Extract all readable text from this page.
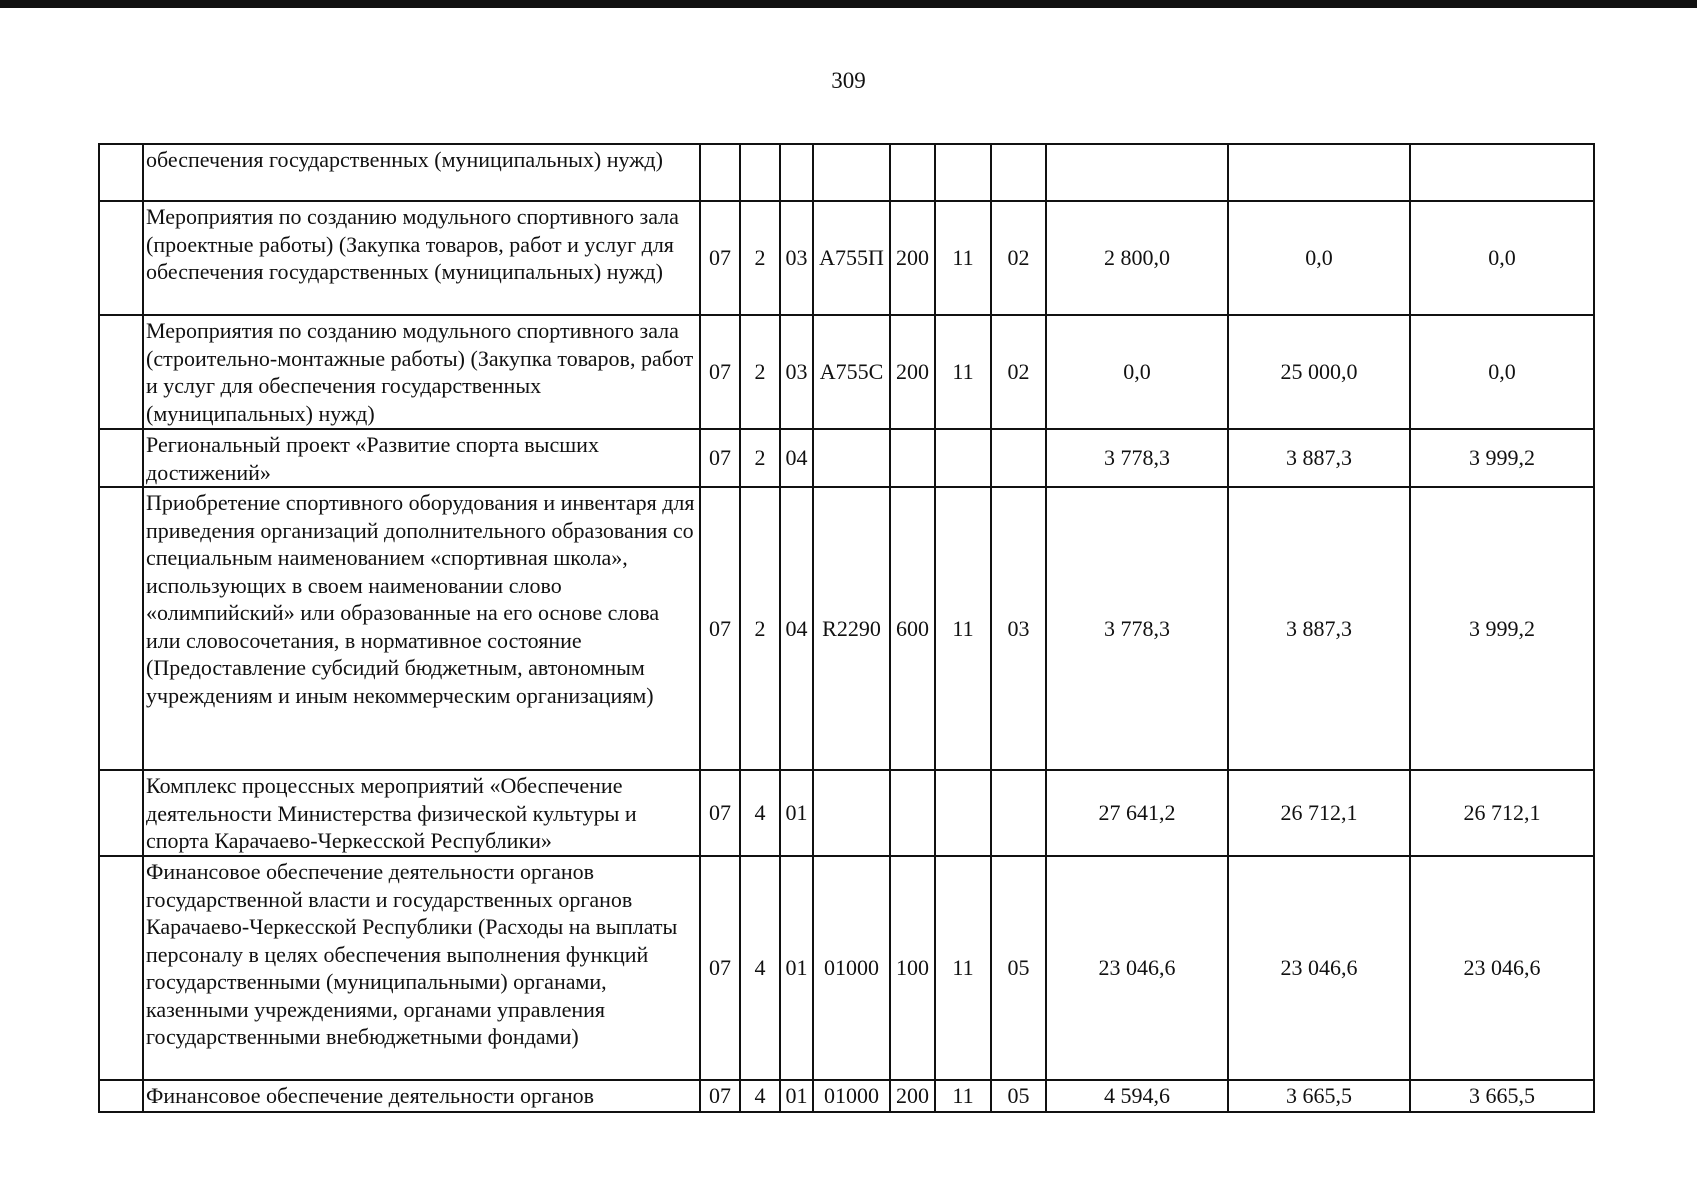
309
	обеспечения государственных (муниципальных) нужд)										
	Мероприятия по созданию модульного спортивного зала (проектные работы) (Закупка товаров, работ и услуг для обеспечения государственных (муниципальных) нужд)	07	2	03	А755П	200	11	02	2 800,0	0,0	0,0
	Мероприятия по созданию модульного спортивного зала (строительно-монтажные работы) (Закупка товаров, работ и услуг для обеспечения государственных (муниципальных) нужд)	07	2	03	А755С	200	11	02	0,0	25 000,0	0,0
	Региональный проект «Развитие спорта высших достижений»	07	2	04					3 778,3	3 887,3	3 999,2
	Приобретение спортивного оборудования и инвентаря для приведения организаций дополнительного образования со специальным наименованием «спортивная школа», использующих в своем наименовании слово «олимпийский» или образованные на его основе слова или словосочетания, в нормативное состояние (Предоставление субсидий бюджетным, автономным учреждениям и иным некоммерческим организациям)	07	2	04	R2290	600	11	03	3 778,3	3 887,3	3 999,2
	Комплекс процессных мероприятий «Обеспечение деятельности Министерства физической культуры и спорта Карачаево-Черкесской Республики»	07	4	01					27 641,2	26 712,1	26 712,1
	Финансовое обеспечение деятельности органов государственной власти и государственных органов Карачаево-Черкесской Республики (Расходы на выплаты персоналу в целях обеспечения выполнения функций государственными (муниципальными) органами, казенными учреждениями, органами управления государственными внебюджетными фондами)	07	4	01	01000	100	11	05	23 046,6	23 046,6	23 046,6
	Финансовое обеспечение деятельности органов	07	4	01	01000	200	11	05	4 594,6	3 665,5	3 665,5
